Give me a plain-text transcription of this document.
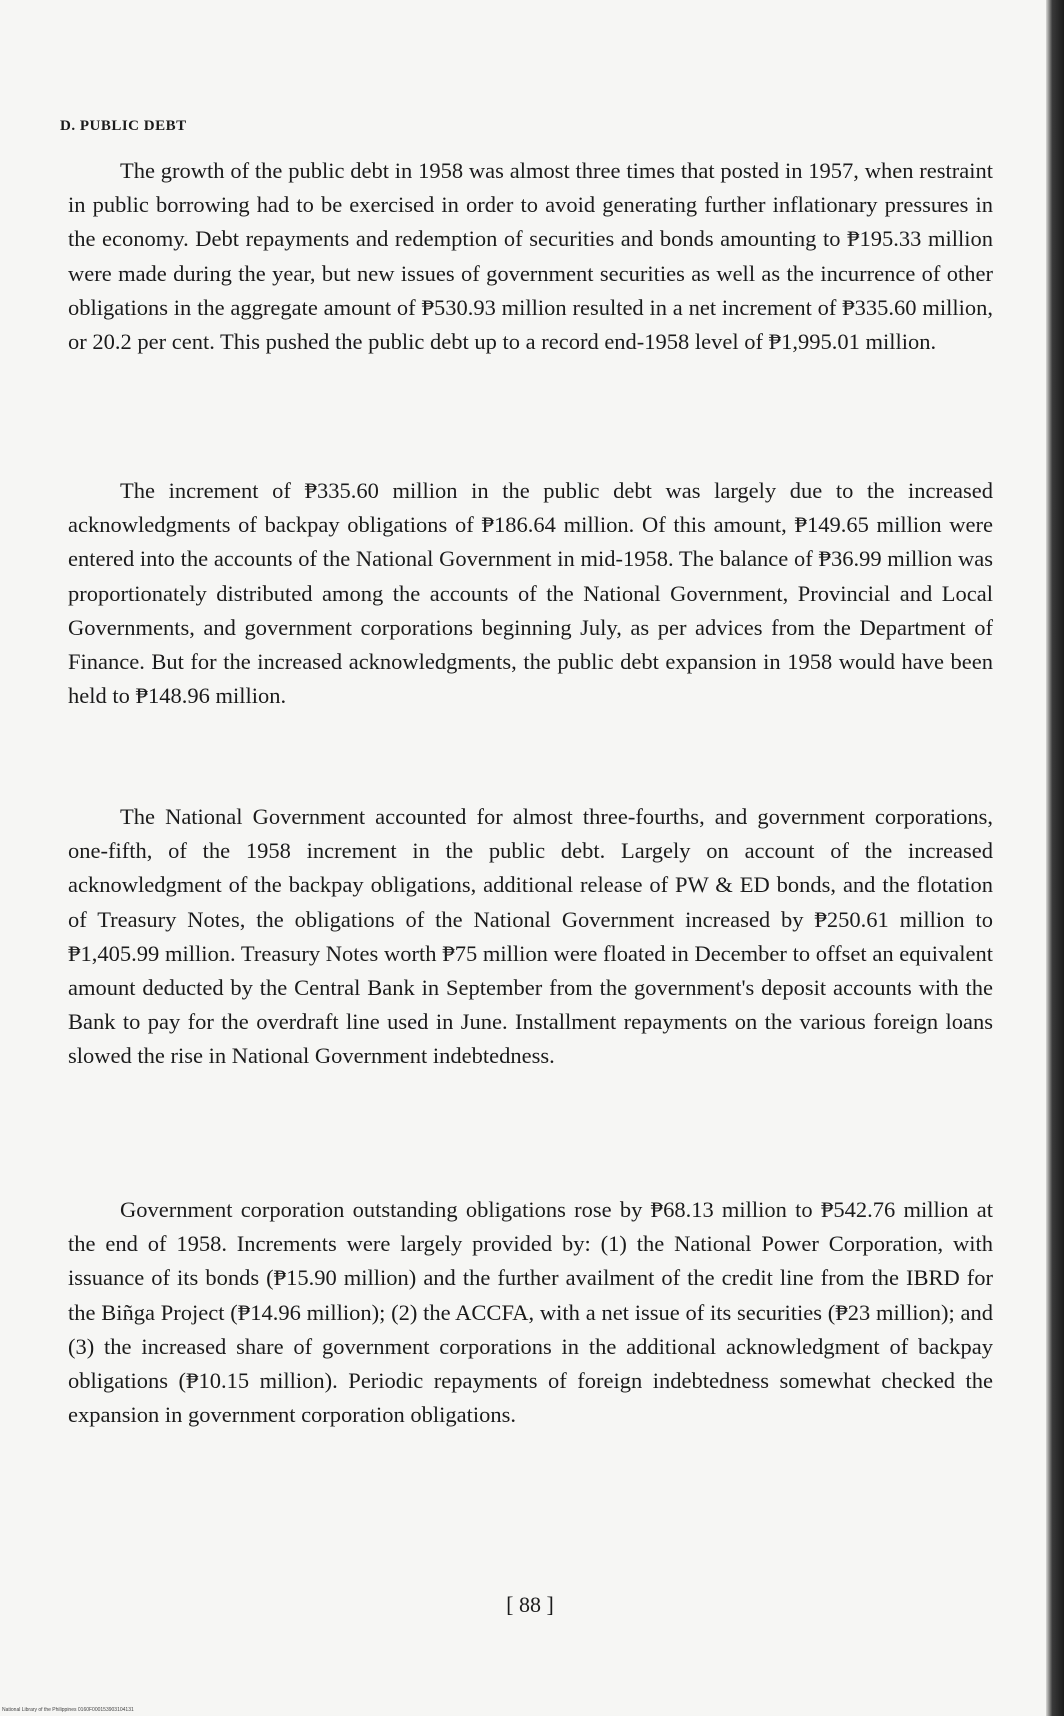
D. PUBLIC DEBT

The growth of the public debt in 1958 was almost three times that posted in 1957, when restraint in public borrowing had to be exercised in order to avoid generating further inflationary pressures in the economy. Debt repayments and redemption of securities and bonds amounting to ₱195.33 million were made during the year, but new issues of government securities as well as the incurrence of other obligations in the aggregate amount of ₱530.93 million resulted in a net increment of ₱335.60 million, or 20.2 per cent. This pushed the public debt up to a record end-1958 level of ₱1,995.01 million.

The increment of ₱335.60 million in the public debt was largely due to the increased acknowledgments of backpay obligations of ₱186.64 million. Of this amount, ₱149.65 million were entered into the accounts of the National Government in mid-1958. The balance of ₱36.99 million was proportionately distributed among the accounts of the National Government, Provincial and Local Governments, and government corporations beginning July, as per advices from the Department of Finance. But for the increased acknowledgments, the public debt expansion in 1958 would have been held to ₱148.96 million.

The National Government accounted for almost three-fourths, and government corporations, one-fifth, of the 1958 increment in the public debt. Largely on account of the increased acknowledgment of the backpay obligations, additional release of PW & ED bonds, and the flotation of Treasury Notes, the obligations of the National Government increased by ₱250.61 million to ₱1,405.99 million. Treasury Notes worth ₱75 million were floated in December to offset an equivalent amount deducted by the Central Bank in September from the government's deposit accounts with the Bank to pay for the overdraft line used in June. Installment repayments on the various foreign loans slowed the rise in National Government indebtedness.

Government corporation outstanding obligations rose by ₱68.13 million to ₱542.76 million at the end of 1958. Increments were largely provided by: (1) the National Power Corporation, with issuance of its bonds (₱15.90 million) and the further availment of the credit line from the IBRD for the Biñga Project (₱14.96 million); (2) the ACCFA, with a net issue of its securities (₱23 million); and (3) the increased share of government corporations in the additional acknowledgment of backpay obligations (₱10.15 million). Periodic repayments of foreign indebtedness somewhat checked the expansion in government corporation obligations.

[ 88 ]
National Library of the Philippines 0160F000153903104131
